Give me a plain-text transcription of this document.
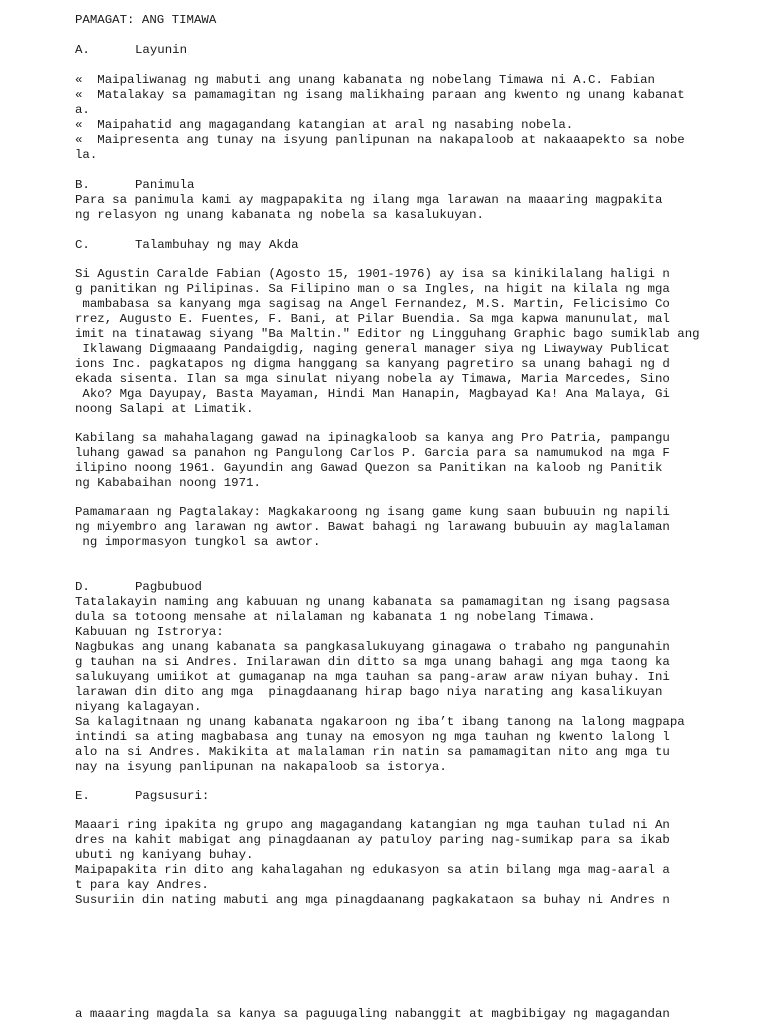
PAMAGAT: ANG TIMAWA
A.	Layunin
«  Maipaliwanag ng mabuti ang unang kabanata ng nobelang Timawa ni A.C. Fabian
«  Matalakay sa pamamagitan ng isang malikhaing paraan ang kwento ng unang kabanat
a.
«  Maipahatid ang magagandang katangian at aral ng nasabing nobela.
«  Maipresenta ang tunay na isyung panlipunan na nakapaloob at nakaaapekto sa nobe
la.
B.	Panimula
Para sa panimula kami ay magpapakita ng ilang mga larawan na maaaring magpakita
ng relasyon ng unang kabanata ng nobela sa kasalukuyan.
C.	Talambuhay ng may Akda
Si Agustin Caralde Fabian (Agosto 15, 1901-1976) ay isa sa kinikilalang haligi n
g panitikan ng Pilipinas. Sa Filipino man o sa Ingles, na higit na kilala ng mga
mambabasa sa kanyang mga sagisag na Angel Fernandez, M.S. Martin, Felicisimo Co
rrez, Augusto E. Fuentes, F. Bani, at Pilar Buendia. Sa mga kapwa manunulat, mal
imit na tinatawag siyang "Ba Maltin." Editor ng Lingguhang Graphic bago sumiklab ang
Iklawang Digmaaang Pandaigdig, naging general manager siya ng Liwayway Publicat
ions Inc. pagkatapos ng digma hanggang sa kanyang pagretiro sa unang bahagi ng d
ekada sisenta. Ilan sa mga sinulat niyang nobela ay Timawa, Maria Marcedes, Sino
Ako? Mga Dayupay, Basta Mayaman, Hindi Man Hanapin, Magbayad Ka! Ana Malaya, Gi
noong Salapi at Limatik.
Kabilang sa mahahalagang gawad na ipinagkaloob sa kanya ang Pro Patria, pampangu
luhang gawad sa panahon ng Pangulong Carlos P. Garcia para sa namumukod na mga F
ilipino noong 1961. Gayundin ang Gawad Quezon sa Panitikan na kaloob ng Panitik
ng Kababaihan noong 1971.
Pamamaraan ng Pagtalakay: Magkakaroong ng isang game kung saan bubuuin ng napili
ng miyembro ang larawan ng awtor. Bawat bahagi ng larawang bubuuin ay maglalaman
ng impormasyon tungkol sa awtor.
D.	Pagbubuod
Tatalakayin naming ang kabuuan ng unang kabanata sa pamamagitan ng isang pagsasa
dula sa totoong mensahe at nilalaman ng kabanata 1 ng nobelang Timawa.
Kabuuan ng Istrorya:
Nagbukas ang unang kabanata sa pangkasalukuyang ginagawa o trabaho ng pangunahin
g tauhan na si Andres. Inilarawan din ditto sa mga unang bahagi ang mga taong ka
salukuyang umiikot at gumaganap na mga tauhan sa pang-araw araw niyan buhay. Ini
larawan din dito ang mga  pinagdaanang hirap bago niya narating ang kasalikuyan
niyang kalagayan.
Sa kalagitnaan ng unang kabanata ngakaroon ng iba’t ibang tanong na lalong magpapa
intindi sa ating magbabasa ang tunay na emosyon ng mga tauhan ng kwento lalong l
alo na si Andres. Makikita at malalaman rin natin sa pamamagitan nito ang mga tu
nay na isyung panlipunan na nakapaloob sa istorya.
E.	Pagsusuri:
Maaari ring ipakita ng grupo ang magagandang katangian ng mga tauhan tulad ni An
dres na kahit mabigat ang pinagdaanan ay patuloy paring nag-sumikap para sa ikab
ubuti ng kaniyang buhay.
Maipapakita rin dito ang kahalagahan ng edukasyon sa atin bilang mga mag-aaral a
t para kay Andres.
Susuriin din nating mabuti ang mga pinagdaanang pagkakataon sa buhay ni Andres n
a maaaring magdala sa kanya sa paguugaling nabanggit at magbibigay ng magagandan
